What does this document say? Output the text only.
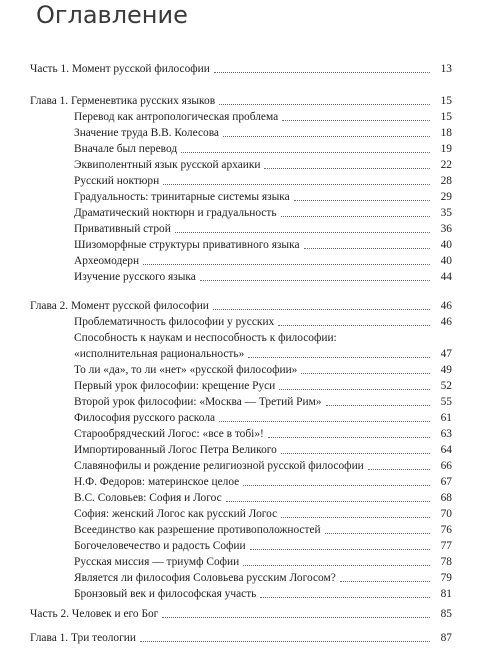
Оглавление
Часть 1. Момент русской философии	13
Глава 1. Герменевтика русских языков	15
Перевод как антропологическая проблема	15
Значение труда В.В. Колесова	18
Вначале был перевод	19
Эквиполентный язык русской архаики	22
Русский ноктюрн	28
Градуальность: тринитарные системы языка	29
Драматический ноктюрн и градуальность	35
Привативный строй	36
Шизоморфные структуры привативного языка	40
Археомодерн	40
Изучение русского языка	44
Глава 2. Момент русской философии	46
Проблематичность философии у русских	46
Способность к наукам и неспособность к философии:
«исполнительная рациональность»	47
То ли «да», то ли «нет» «русской философии»	49
Первый урок философии: крещение Руси	52
Второй урок философии: «Москва — Третий Рим»	55
Философия русского раскола	61
Старообрядческий Логос: «все в тобі»!	63
Импортированный Логос Петра Великого	64
Славянофилы и рождение религиозной русской философии	66
Н.Ф. Федоров: материнское целое	67
В.С. Соловьев: София и Логос	68
София: женский Логос как русский Логос	70
Всеединство как разрешение противоположностей	76
Богочеловечество и радость Софии	77
Русская миссия — триумф Софии	78
Является ли философия Соловьева русским Логосом?	79
Бронзовый век и философская участь	81
Часть 2. Человек и его Бог	85
Глава 1. Три теологии	87
